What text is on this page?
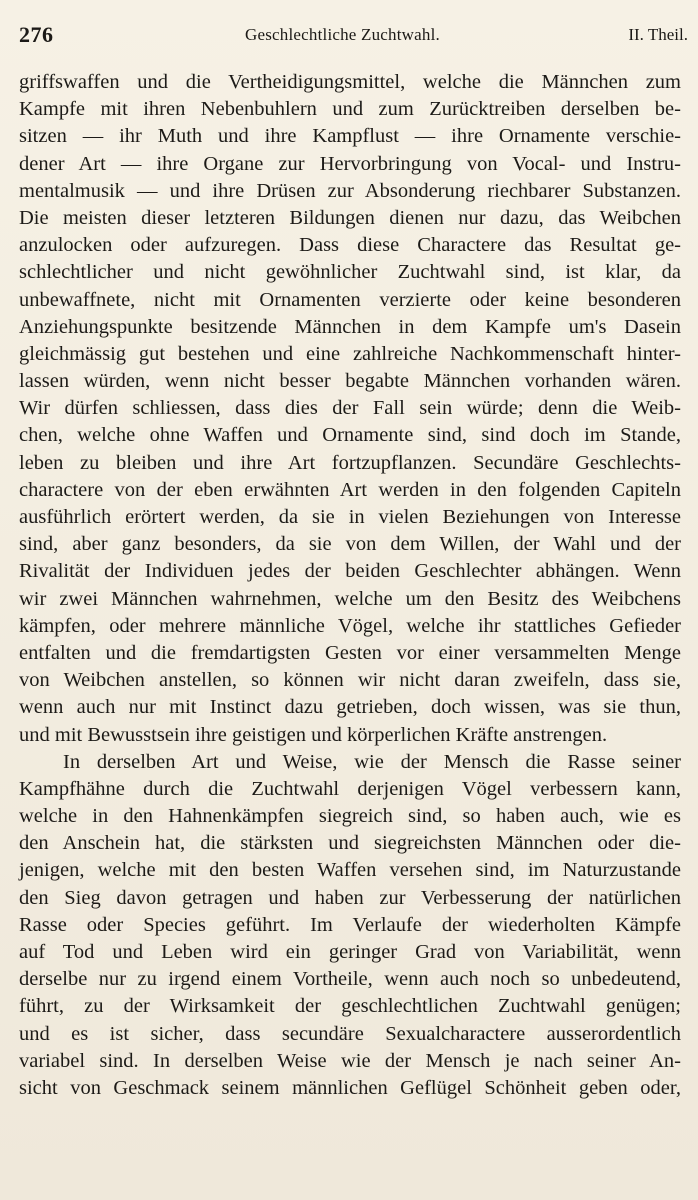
276	Geschlechtliche Zuchtwahl.	II. Theil.
griffswaffen und die Vertheidigungsmittel, welche die Männchen zum
Kampfe mit ihren Nebenbuhlern und zum Zurücktreiben derselben be-
sitzen — ihr Muth und ihre Kampflust — ihre Ornamente verschie-
dener Art — ihre Organe zur Hervorbringung von Vocal- und Instru-
mentalmusik — und ihre Drüsen zur Absonderung riechbarer Substanzen.
Die meisten dieser letzteren Bildungen dienen nur dazu, das Weibchen
anzulocken oder aufzuregen. Dass diese Charactere das Resultat ge-
schlechtlicher und nicht gewöhnlicher Zuchtwahl sind, ist klar, da
unbewaffnete, nicht mit Ornamenten verzierte oder keine besonderen
Anziehungspunkte besitzende Männchen in dem Kampfe um's Dasein
gleichmässig gut bestehen und eine zahlreiche Nachkommenschaft hinter-
lassen würden, wenn nicht besser begabte Männchen vorhanden wären.
Wir dürfen schliessen, dass dies der Fall sein würde; denn die Weib-
chen, welche ohne Waffen und Ornamente sind, sind doch im Stande,
leben zu bleiben und ihre Art fortzupflanzen. Secundäre Geschlechts-
charactere von der eben erwähnten Art werden in den folgenden Capiteln
ausführlich erörtert werden, da sie in vielen Beziehungen von Interesse
sind, aber ganz besonders, da sie von dem Willen, der Wahl und der
Rivalität der Individuen jedes der beiden Geschlechter abhängen. Wenn
wir zwei Männchen wahrnehmen, welche um den Besitz des Weibchens
kämpfen, oder mehrere männliche Vögel, welche ihr stattliches Gefieder
entfalten und die fremdartigsten Gesten vor einer versammelten Menge
von Weibchen anstellen, so können wir nicht daran zweifeln, dass sie,
wenn auch nur mit Instinct dazu getrieben, doch wissen, was sie thun,
und mit Bewusstsein ihre geistigen und körperlichen Kräfte anstrengen.
In derselben Art und Weise, wie der Mensch die Rasse seiner
Kampfhähne durch die Zuchtwahl derjenigen Vögel verbessern kann,
welche in den Hahnenkämpfen siegreich sind, so haben auch, wie es
den Anschein hat, die stärksten und siegreichsten Männchen oder die-
jenigen, welche mit den besten Waffen versehen sind, im Naturzustande
den Sieg davon getragen und haben zur Verbesserung der natürlichen
Rasse oder Species geführt. Im Verlaufe der wiederholten Kämpfe
auf Tod und Leben wird ein geringer Grad von Variabilität, wenn
derselbe nur zu irgend einem Vortheile, wenn auch noch so unbedeutend,
führt, zu der Wirksamkeit der geschlechtlichen Zuchtwahl genügen;
und es ist sicher, dass secundäre Sexualcharactere ausserordentlich
variabel sind. In derselben Weise wie der Mensch je nach seiner An-
sicht von Geschmack seinem männlichen Geflügel Schönheit geben oder,
